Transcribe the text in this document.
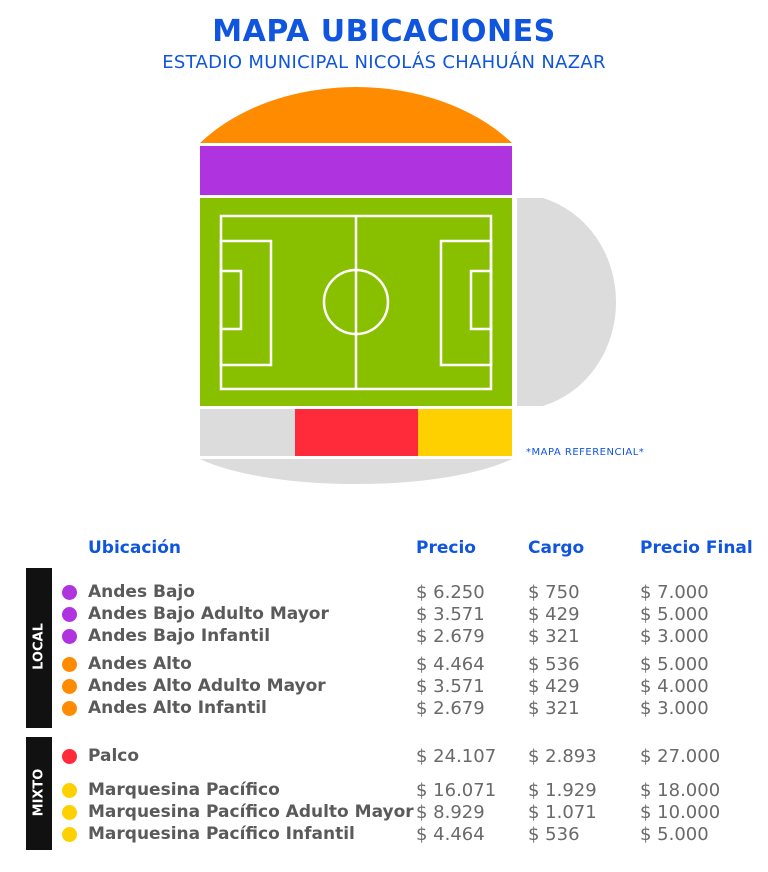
MAPA UBICACIONES
ESTADIO MUNICIPAL NICOLÁS CHAHUÁN NAZAR
*MAPA REFERENCIAL*
Ubicación	Precio	Cargo	Precio Final
LOCAL
Andes Bajo	$ 6.250 $ 750	$ 7.000
Andes Bajo Adulto Mayor	$ 3.571 $ 429	$ 5.000
Andes Bajo Infantil	$ 2.679 $ 321	$ 3.000
Andes Alto	$ 4.464 $ 536	$ 5.000
Andes Alto Adulto Mayor	$ 3.571 $ 429	$ 4.000
Andes Alto Infantil	$ 2.679 $ 321	$ 3.000
MIXTO
Palco	$ 24.107 $ 2.893 $ 27.000
Marquesina Pacífico	$ 16.071 $ 1.929 $ 18.000
Marquesina Pacífico Adulto Mayor $ 8.929 $ 1.071 $ 10.000
Marquesina Pacífico Infantil	$ 4.464 $ 536	$ 5.000
